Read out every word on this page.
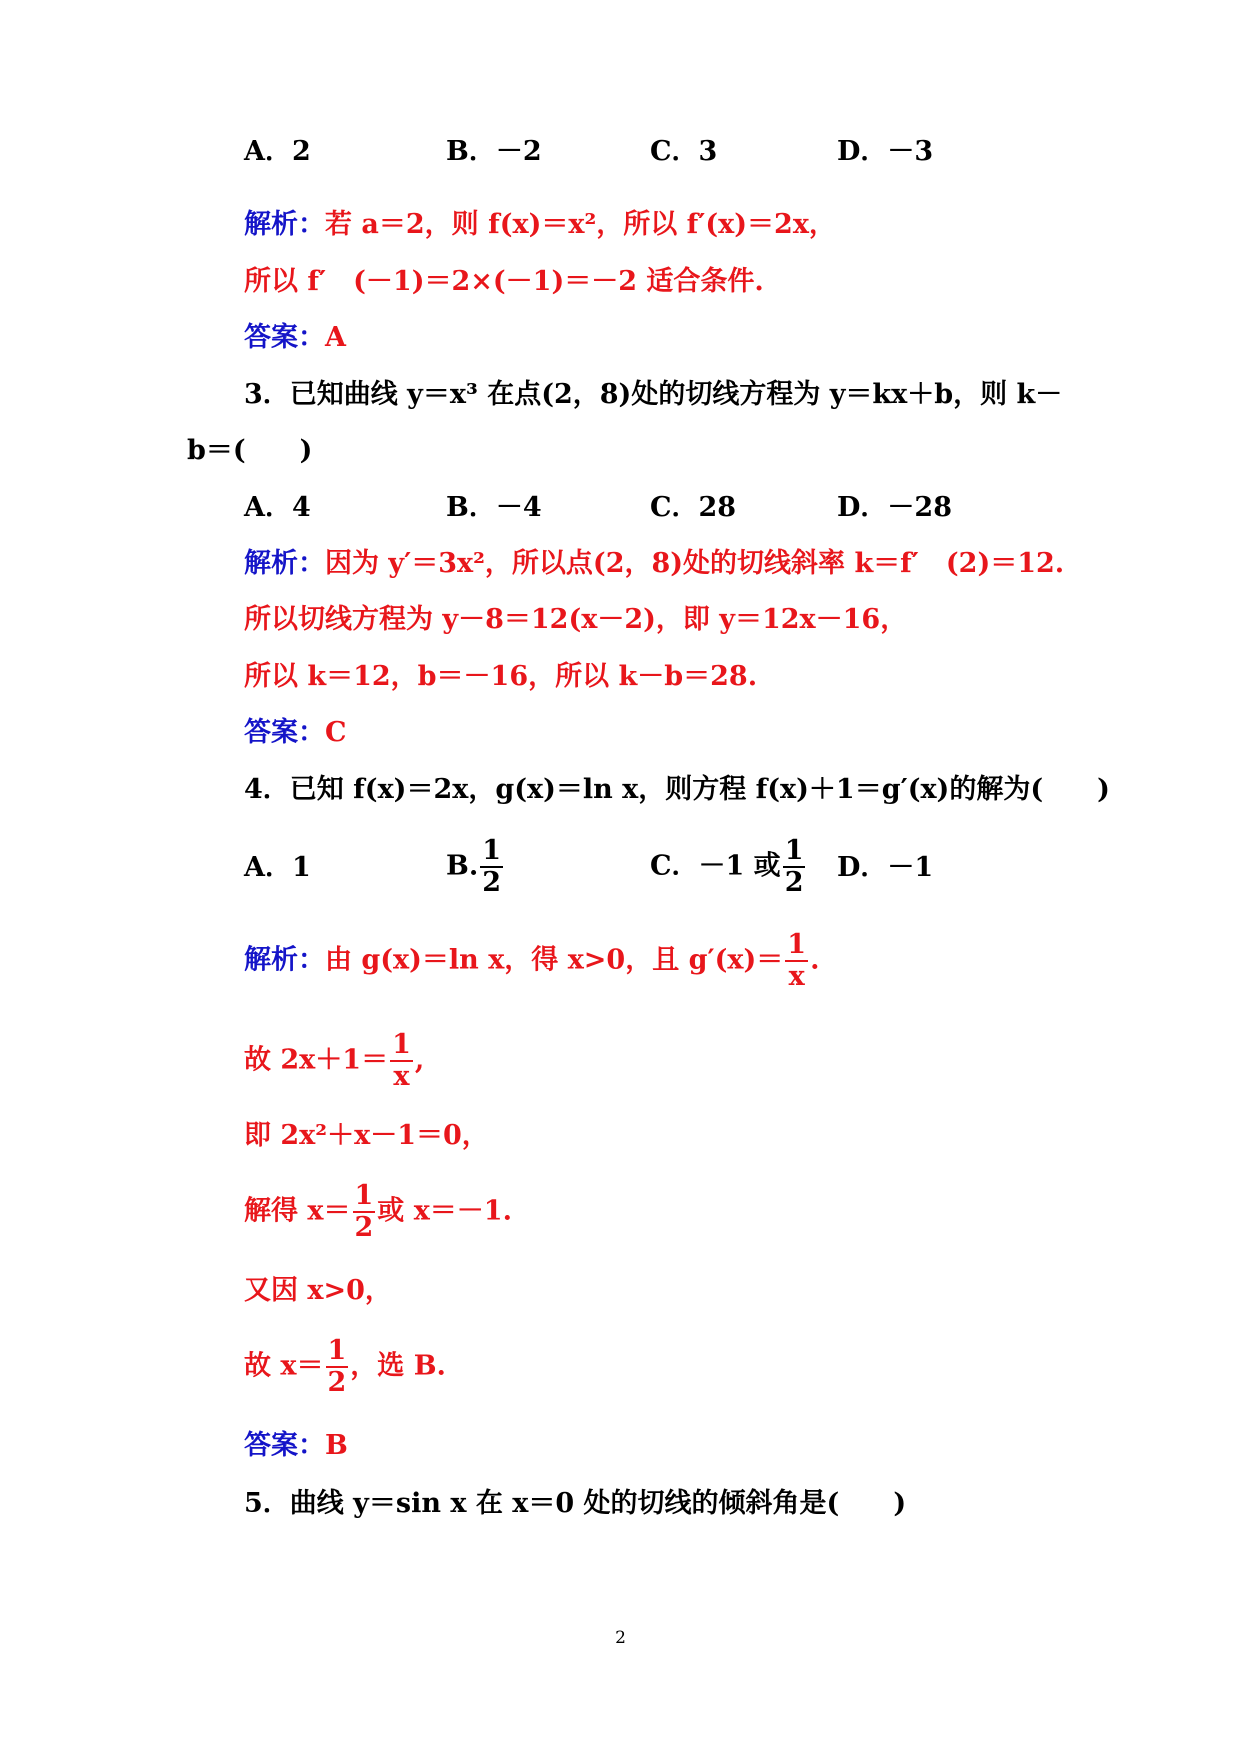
A．2	B．－2	C．3	D．－3
解析：若 a＝2，则 f(x)＝x²，所以 f′(x)＝2x，
所以 f′　(－1)＝2×(－1)＝－2 适合条件.
答案：A
3．已知曲线 y＝x³ 在点(2，8)处的切线方程为 y＝kx＋b，则 k－
b＝(　　)
A．4	B．－4	C．28	D．－28
解析：因为 y′＝3x²，所以点(2，8)处的切线斜率 k＝f′　(2)＝12.
所以切线方程为 y－8＝12(x－2)，即 y＝12x－16，
所以 k＝12，b＝－16，所以 k－b＝28.
答案：C
4．已知 f(x)＝2x，g(x)＝ln x，则方程 f(x)＋1＝g′(x)的解为(　　)
A．1	B. $\frac{1}{2}$	C．－1 或 $\frac{1}{2}$ D．－1
解析：由 g(x)＝ln x，得 x>0，且 $g'(x)= \frac{1}{x}$ .
故 $2x+1= \frac{1}{x}$ ,
即 2x²＋x－1＝0，
解得 $x= \frac{1}{2}$ 或 x＝－1.
又因 x>0，
故 $x= \frac{1}{2}$ ，选 B.
答案：B
5．曲线 y＝sin x 在 x＝0 处的切线的倾斜角是(　　)
2
